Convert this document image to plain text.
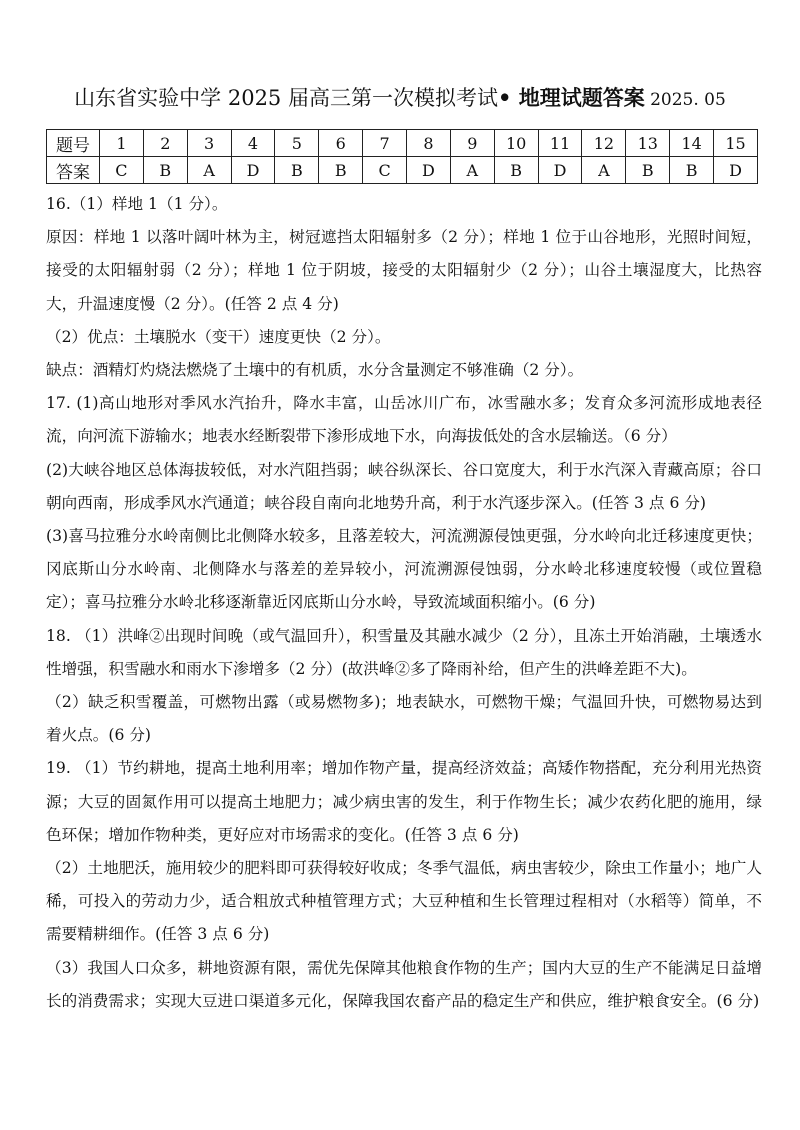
山东省实验中学 2025 届高三第一次模拟考试• 地理试题答案 2025. 05
题号	1	2	3	4	5	6	7	8	9	10	11	12	13	14	15
答案	C	B	A	D	B	B	C	D	A	B	D	A	B	B	D

16.（1）样地 1（1 分）。

原因：样地 1 以落叶阔叶林为主，树冠遮挡太阳辐射多（2 分）；样地 1 位于山谷地形，光照时间短，接受的太阳辐射弱（2 分）；样地 1 位于阴坡，接受的太阳辐射少（2 分）；山谷土壤湿度大，比热容大，升温速度慢（2 分）。(任答 2 点 4 分)

（2）优点：土壤脱水（变干）速度更快（2 分）。

缺点：酒精灯灼烧法燃烧了土壤中的有机质，水分含量测定不够准确（2 分）。

17. (1)高山地形对季风水汽抬升，降水丰富，山岳冰川广布，冰雪融水多；发育众多河流形成地表径流，向河流下游输水；地表水经断裂带下渗形成地下水，向海拔低处的含水层输送。（6 分）

(2)大峡谷地区总体海拔较低，对水汽阻挡弱；峡谷纵深长、谷口宽度大，利于水汽深入青藏高原；谷口朝向西南，形成季风水汽通道；峡谷段自南向北地势升高，利于水汽逐步深入。(任答 3 点 6 分)

(3)喜马拉雅分水岭南侧比北侧降水较多，且落差较大，河流溯源侵蚀更强，分水岭向北迁移速度更快；冈底斯山分水岭南、北侧降水与落差的差异较小，河流溯源侵蚀弱，分水岭北移速度较慢（或位置稳定）；喜马拉雅分水岭北移逐渐靠近冈底斯山分水岭，导致流域面积缩小。(6 分)

18. （1）洪峰②出现时间晚（或气温回升），积雪量及其融水减少（2 分），且冻土开始消融，土壤透水性增强，积雪融水和雨水下渗增多（2 分）(故洪峰②多了降雨补给，但产生的洪峰差距不大)。

（2）缺乏积雪覆盖，可燃物出露（或易燃物多)；地表缺水，可燃物干燥；气温回升快，可燃物易达到着火点。(6 分)

19. （1）节约耕地，提高土地利用率；增加作物产量，提高经济效益；高矮作物搭配，充分利用光热资源；大豆的固氮作用可以提高土地肥力；减少病虫害的发生，利于作物生长；减少农药化肥的施用，绿色环保；增加作物种类，更好应对市场需求的变化。(任答 3 点 6 分)

（2）土地肥沃，施用较少的肥料即可获得较好收成；冬季气温低，病虫害较少，除虫工作量小；地广人稀，可投入的劳动力少，适合粗放式种植管理方式；大豆种植和生长管理过程相对（水稻等）简单，不需要精耕细作。(任答 3 点 6 分)

（3）我国人口众多，耕地资源有限，需优先保障其他粮食作物的生产；国内大豆的生产不能满足日益增长的消费需求；实现大豆进口渠道多元化，保障我国农畜产品的稳定生产和供应，维护粮食安全。(6 分)
